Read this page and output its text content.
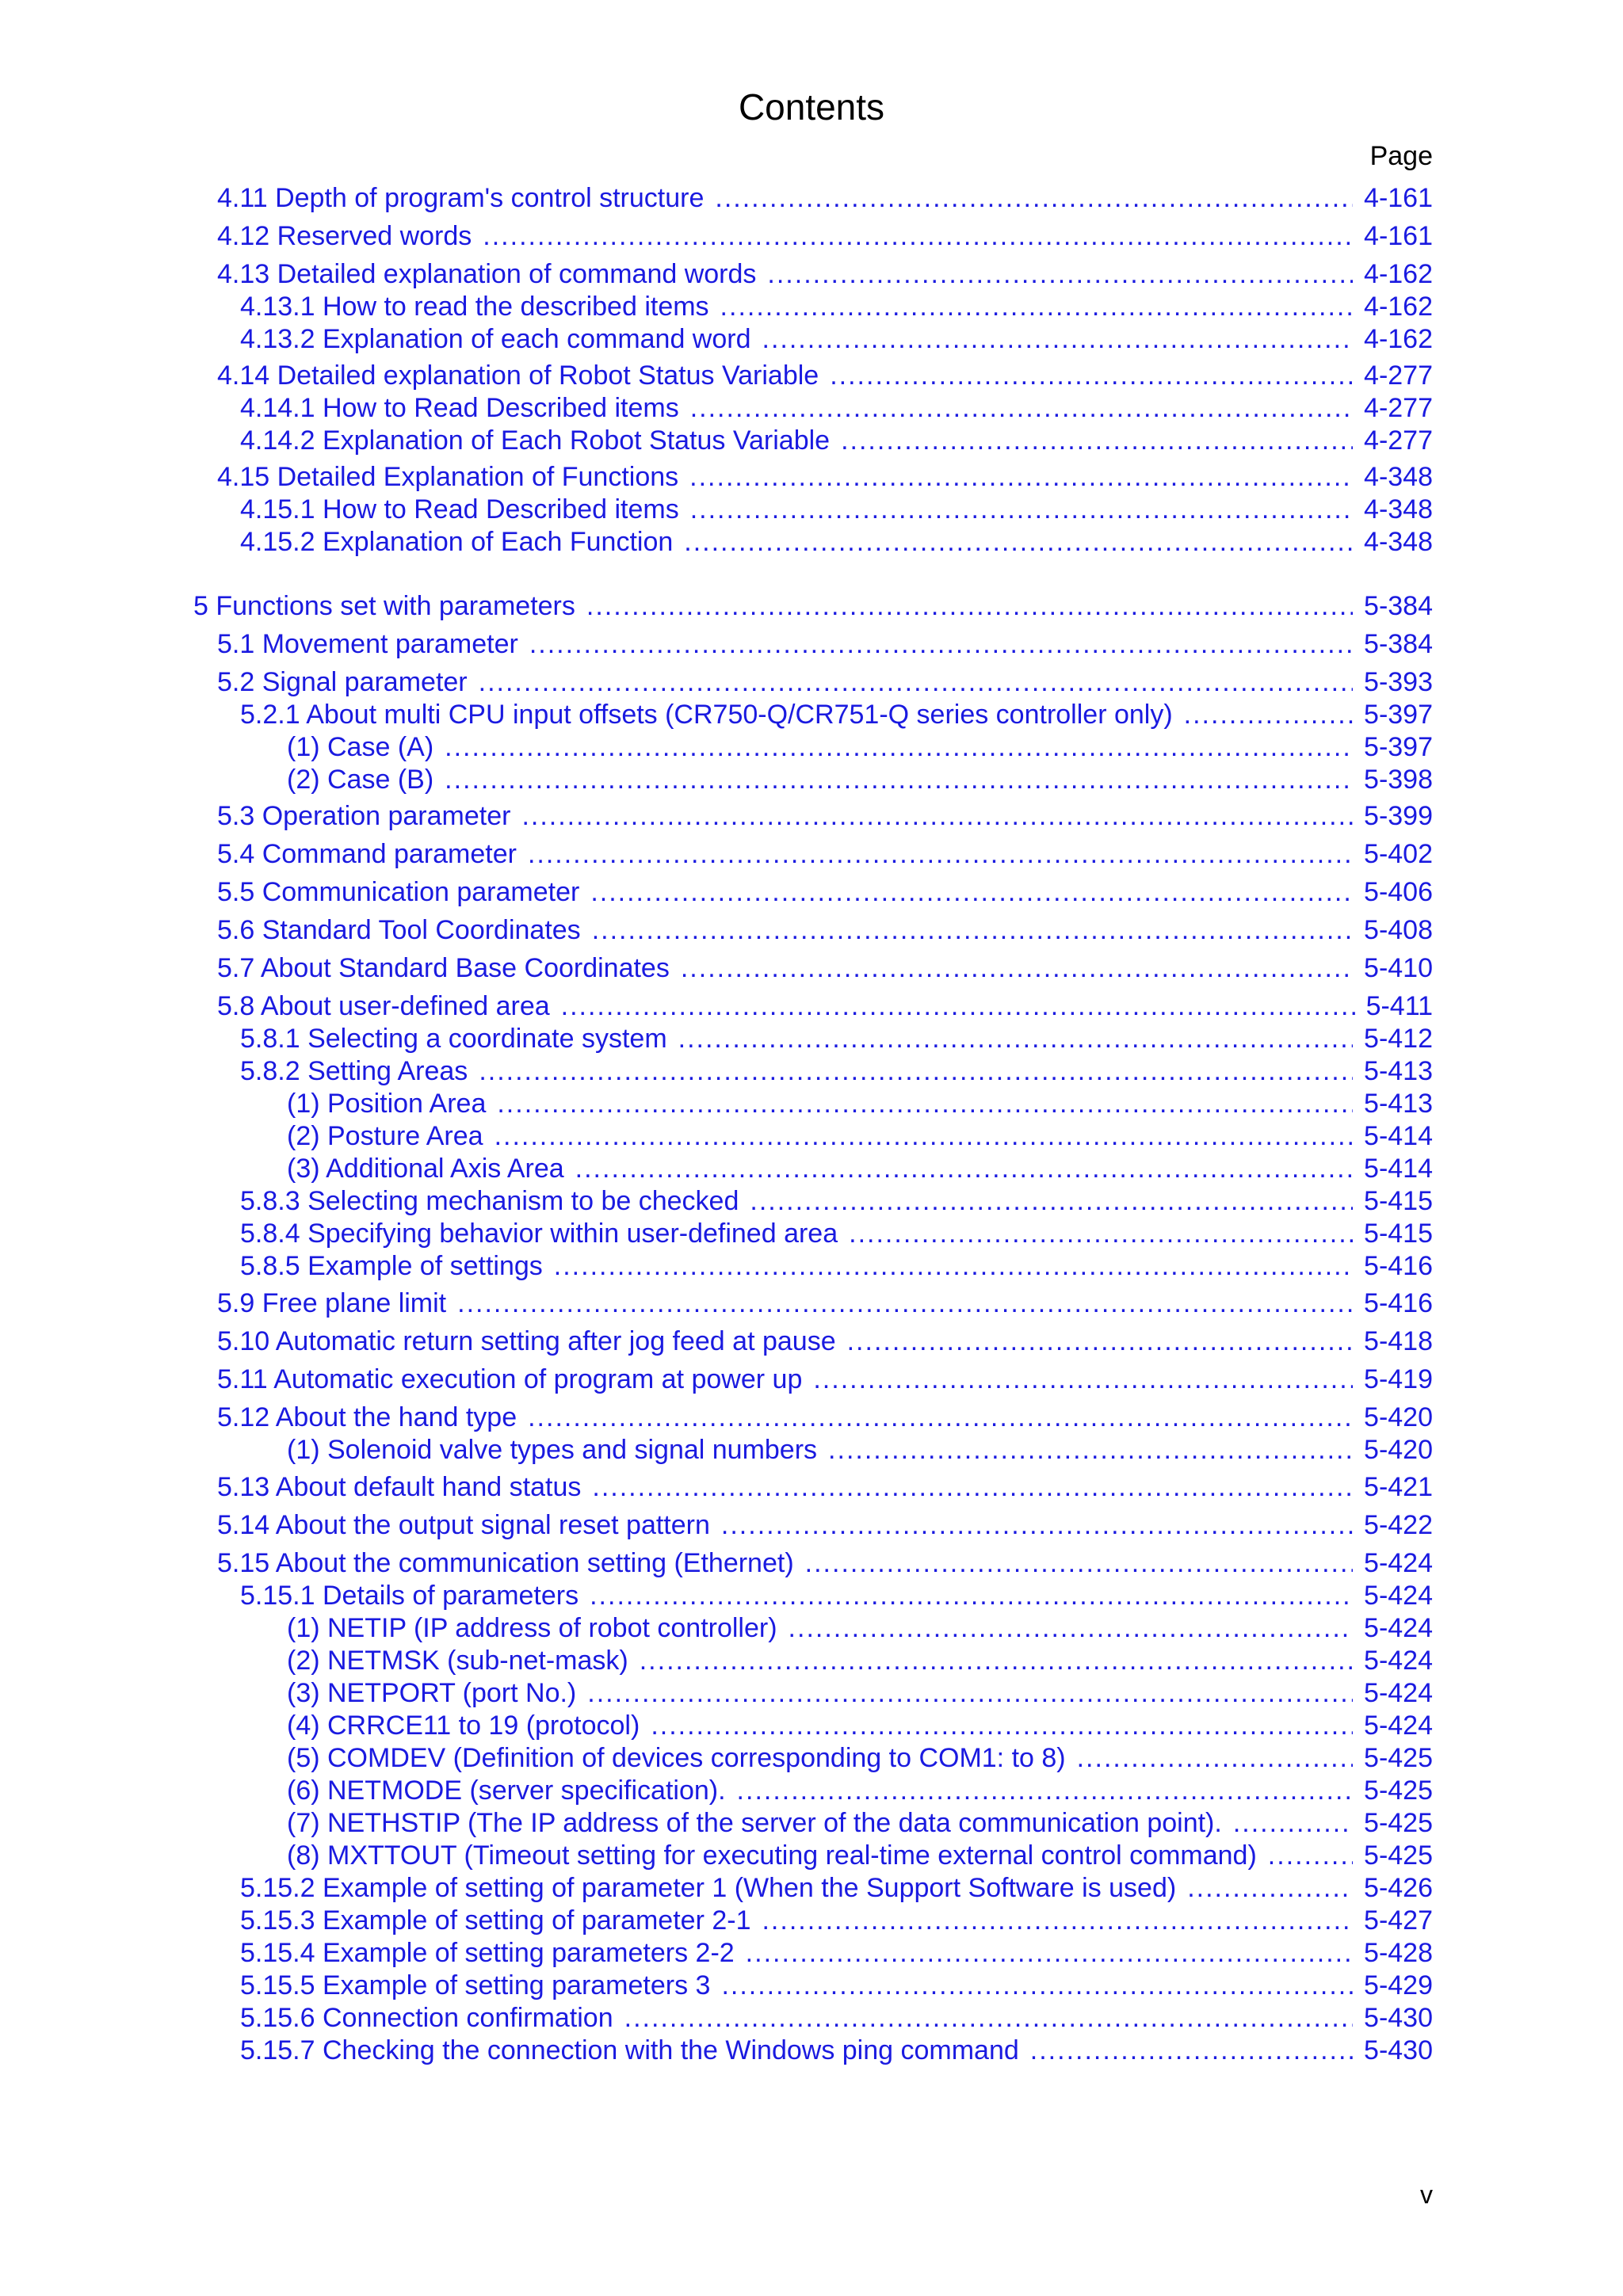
Contents
Page
4.11 Depth of program's control structure .....	4-161
4.12 Reserved words .....	4-161
4.13 Detailed explanation of command words .....	4-162
4.13.1 How to read the described items .....	4-162
4.13.2 Explanation of each command word .....	4-162
4.14 Detailed explanation of Robot Status Variable .....	4-277
4.14.1 How to Read Described items .....	4-277
4.14.2 Explanation of Each Robot Status Variable .....	4-277
4.15 Detailed Explanation of Functions .....	4-348
4.15.1 How to Read Described items .....	4-348
4.15.2 Explanation of Each Function .....	4-348
5 Functions set with parameters .....	5-384
5.1 Movement parameter .....	5-384
5.2 Signal parameter .....	5-393
5.2.1 About multi CPU input offsets (CR750-Q/CR751-Q series controller only) .....	5-397
(1) Case (A) .....	5-397
(2) Case (B) .....	5-398
5.3 Operation parameter .....	5-399
5.4 Command parameter .....	5-402
5.5 Communication parameter .....	5-406
5.6 Standard Tool Coordinates .....	5-408
5.7 About Standard Base Coordinates .....	5-410
5.8 About user-defined area .....	5-411
5.8.1 Selecting a coordinate system .....	5-412
5.8.2 Setting Areas .....	5-413
(1) Position Area .....	5-413
(2) Posture Area .....	5-414
(3) Additional Axis Area .....	5-414
5.8.3 Selecting mechanism to be checked .....	5-415
5.8.4 Specifying behavior within user-defined area .....	5-415
5.8.5 Example of settings .....	5-416
5.9 Free plane limit .....	5-416
5.10 Automatic return setting after jog feed at pause .....	5-418
5.11 Automatic execution of program at power up .....	5-419
5.12 About the hand type .....	5-420
(1) Solenoid valve types and signal numbers .....	5-420
5.13 About default hand status .....	5-421
5.14 About the output signal reset pattern .....	5-422
5.15 About the communication setting (Ethernet) .....	5-424
5.15.1 Details of parameters .....	5-424
(1) NETIP (IP address of robot controller) .....	5-424
(2) NETMSK (sub-net-mask) .....	5-424
(3) NETPORT (port No.) .....	5-424
(4) CRRCE11 to 19 (protocol) .....	5-424
(5) COMDEV (Definition of devices corresponding to COM1: to 8) .....	5-425
(6) NETMODE (server specification). .....	5-425
(7) NETHSTIP (The IP address of the server of the data communication point). .....	5-425
(8) MXTTOUT (Timeout setting for executing real-time external control command) .....	5-425
5.15.2 Example of setting of parameter 1 (When the Support Software is used) .....	5-426
5.15.3 Example of setting of parameter 2-1 .....	5-427
5.15.4 Example of setting parameters 2-2 .....	5-428
5.15.5 Example of setting parameters 3 .....	5-429
5.15.6 Connection confirmation .....	5-430
5.15.7 Checking the connection with the Windows ping command .....	5-430
v
